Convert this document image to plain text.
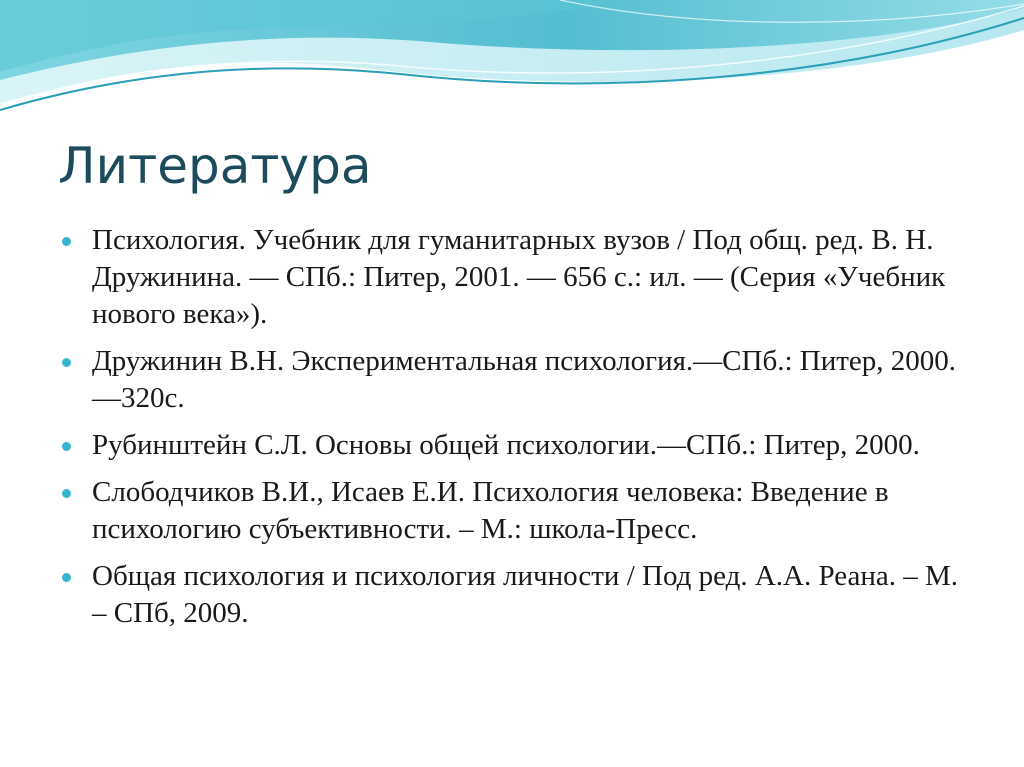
Литература
Психология. Учебник для гуманитарных вузов / Под общ. ред. В. Н. Дружинина. — СПб.: Питер, 2001. — 656 с.: ил. — (Серия «Учебник нового века»).
Дружинин В.Н. Экспериментальная психология.—СПб.: Питер, 2000.—320с.
Рубинштейн С.Л. Основы общей психологии.—СПб.: Питер, 2000.
Слободчиков В.И., Исаев Е.И. Психология человека: Введение в психологию субъективности. – М.: школа-Пресс.
Общая психология и психология личности / Под ред. А.А. Реана. – М. – СПб, 2009.
